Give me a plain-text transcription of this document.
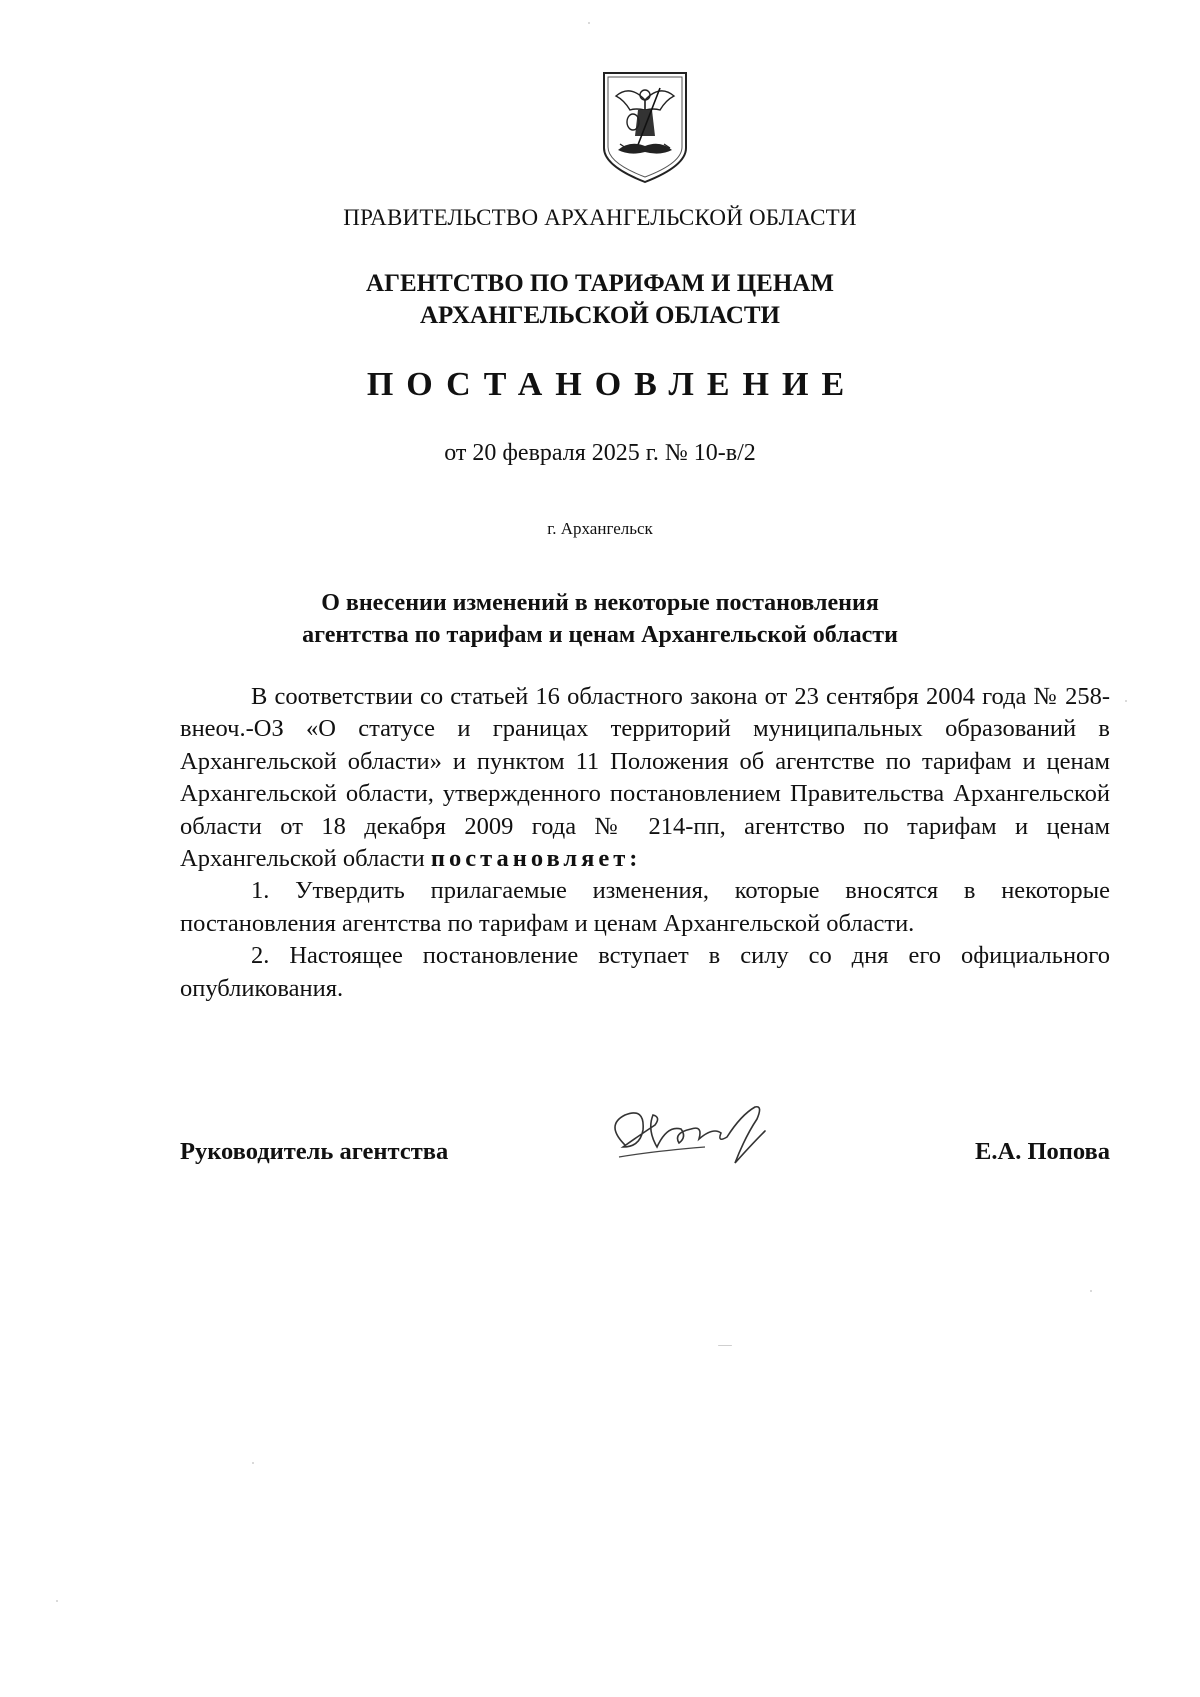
ПРАВИТЕЛЬСТВО АРХАНГЕЛЬСКОЙ ОБЛАСТИ
АГЕНТСТВО ПО ТАРИФАМ И ЦЕНАМ
АРХАНГЕЛЬСКОЙ ОБЛАСТИ
ПОСТАНОВЛЕНИЕ
от 20 февраля 2025 г. № 10-в/2
г. Архангельск
О внесении изменений в некоторые постановления
агентства по тарифам и ценам Архангельской области

В соответствии со статьей 16 областного закона от 23 сентября 2004 года № 258-внеоч.-ОЗ «О статусе и границах территорий муниципальных образований в Архангельской области» и пунктом 11 Положения об агентстве по тарифам и ценам Архангельской области, утвержденного постановлением Правительства Архангельской области от 18 декабря 2009 года № 214-пп, агентство по тарифам и ценам Архангельской области постановляет:

1. Утвердить прилагаемые изменения, которые вносятся в некоторые постановления агентства по тарифам и ценам Архангельской области.

2. Настоящее постановление вступает в силу со дня его официального опубликования.

Руководитель агентства	Е.А. Попова
